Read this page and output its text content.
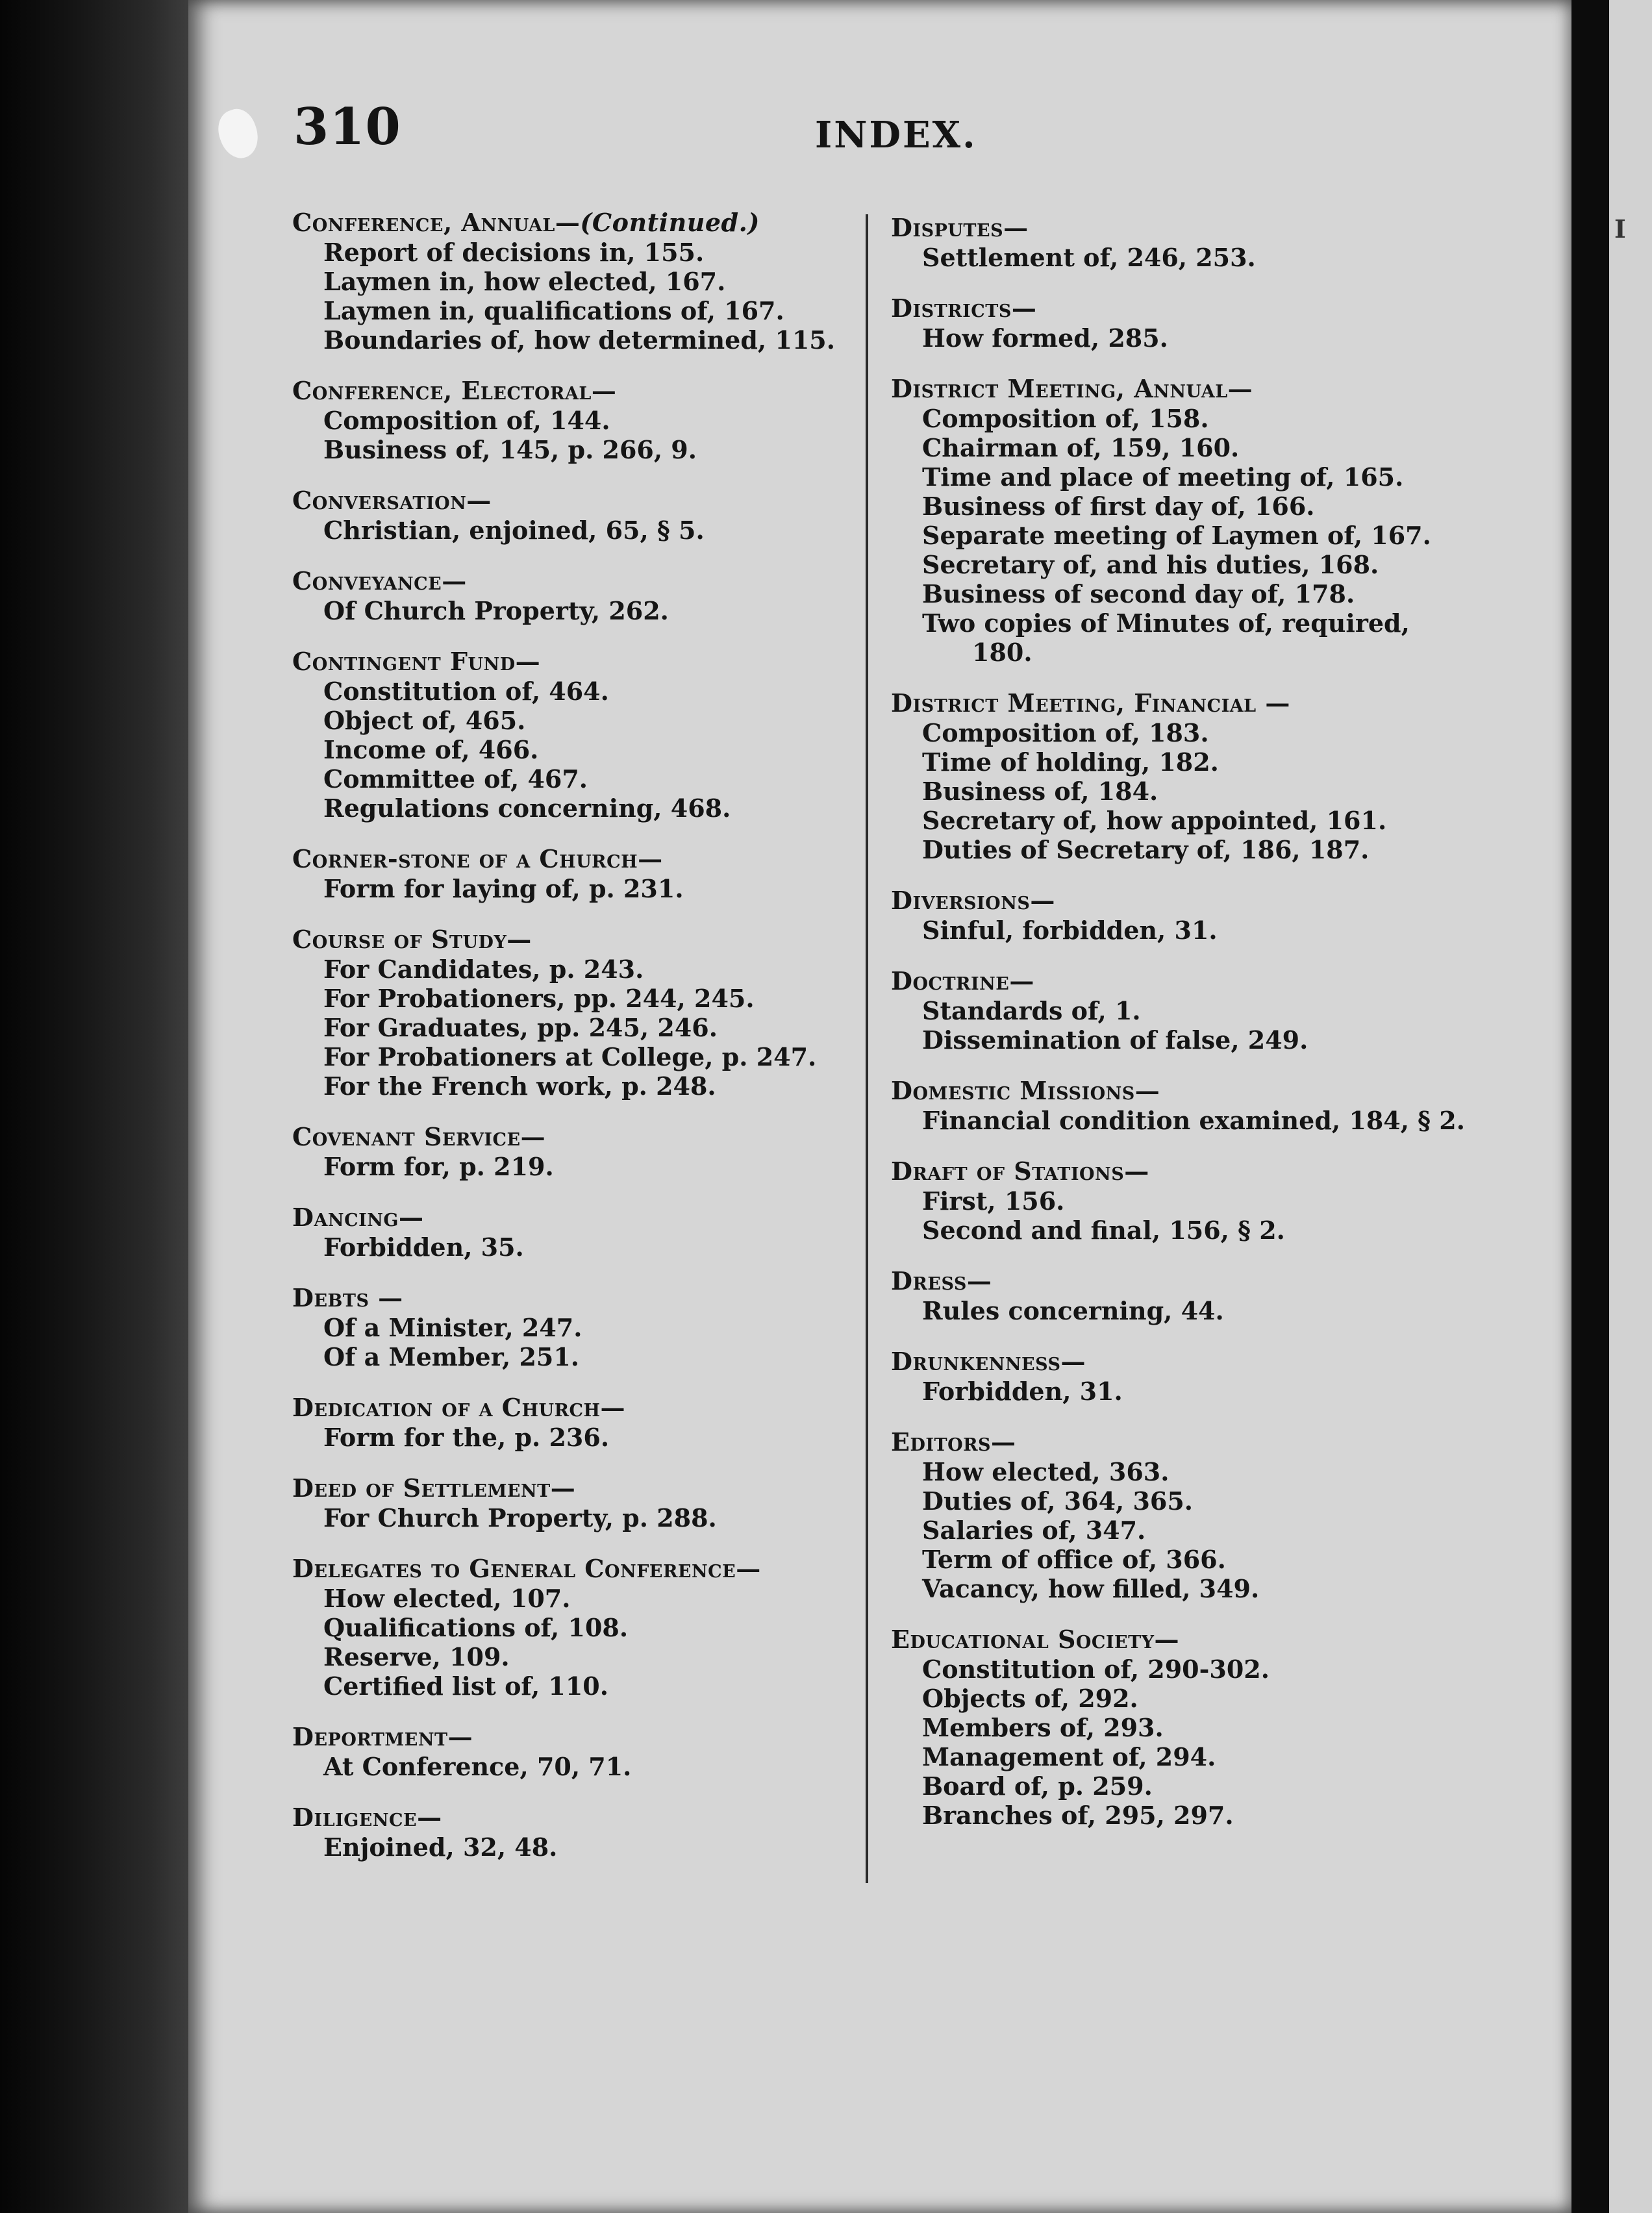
310	INDEX.
Conference, Annual—(Continued.)
Report of decisions in, 155.
Laymen in, how elected, 167.
Laymen in, qualifications of, 167.
Boundaries of, how determined, 115.
Conference, Electoral—
Composition of, 144.
Business of, 145, p. 266, 9.
Conversation—
Christian, enjoined, 65, § 5.
Conveyance—
Of Church Property, 262.
Contingent Fund—
Constitution of, 464.
Object of, 465.
Income of, 466.
Committee of, 467.
Regulations concerning, 468.
Corner-stone of a Church—
Form for laying of, p. 231.
Course of Study—
For Candidates, p. 243.
For Probationers, pp. 244, 245.
For Graduates, pp. 245, 246.
For Probationers at College, p. 247.
For the French work, p. 248.
Covenant Service—
Form for, p. 219.
Dancing—
Forbidden, 35.
Debts —
Of a Minister, 247.
Of a Member, 251.
Dedication of a Church—
Form for the, p. 236.
Deed of Settlement—
For Church Property, p. 288.
Delegates to General Conference—
How elected, 107.
Qualifications of, 108.
Reserve, 109.
Certified list of, 110.
Deportment—
At Conference, 70, 71.
Diligence—
Enjoined, 32, 48.
Disputes—
Settlement of, 246, 253.
Districts—
How formed, 285.
District Meeting, Annual—
Composition of, 158.
Chairman of, 159, 160.
Time and place of meeting of, 165.
Business of first day of, 166.
Separate meeting of Laymen of, 167.
Secretary of, and his duties, 168.
Business of second day of, 178.
Two copies of Minutes of, required,
180.
District Meeting, Financial —
Composition of, 183.
Time of holding, 182.
Business of, 184.
Secretary of, how appointed, 161.
Duties of Secretary of, 186, 187.
Diversions—
Sinful, forbidden, 31.
Doctrine—
Standards of, 1.
Dissemination of false, 249.
Domestic Missions—
Financial condition examined, 184, § 2.
Draft of Stations—
First, 156.
Second and final, 156, § 2.
Dress—
Rules concerning, 44.
Drunkenness—
Forbidden, 31.
Editors—
How elected, 363.
Duties of, 364, 365.
Salaries of, 347.
Term of office of, 366.
Vacancy, how filled, 349.
Educational Society—
Constitution of, 290-302.
Objects of, 292.
Members of, 293.
Management of, 294.
Board of, p. 259.
Branches of, 295, 297.
I
